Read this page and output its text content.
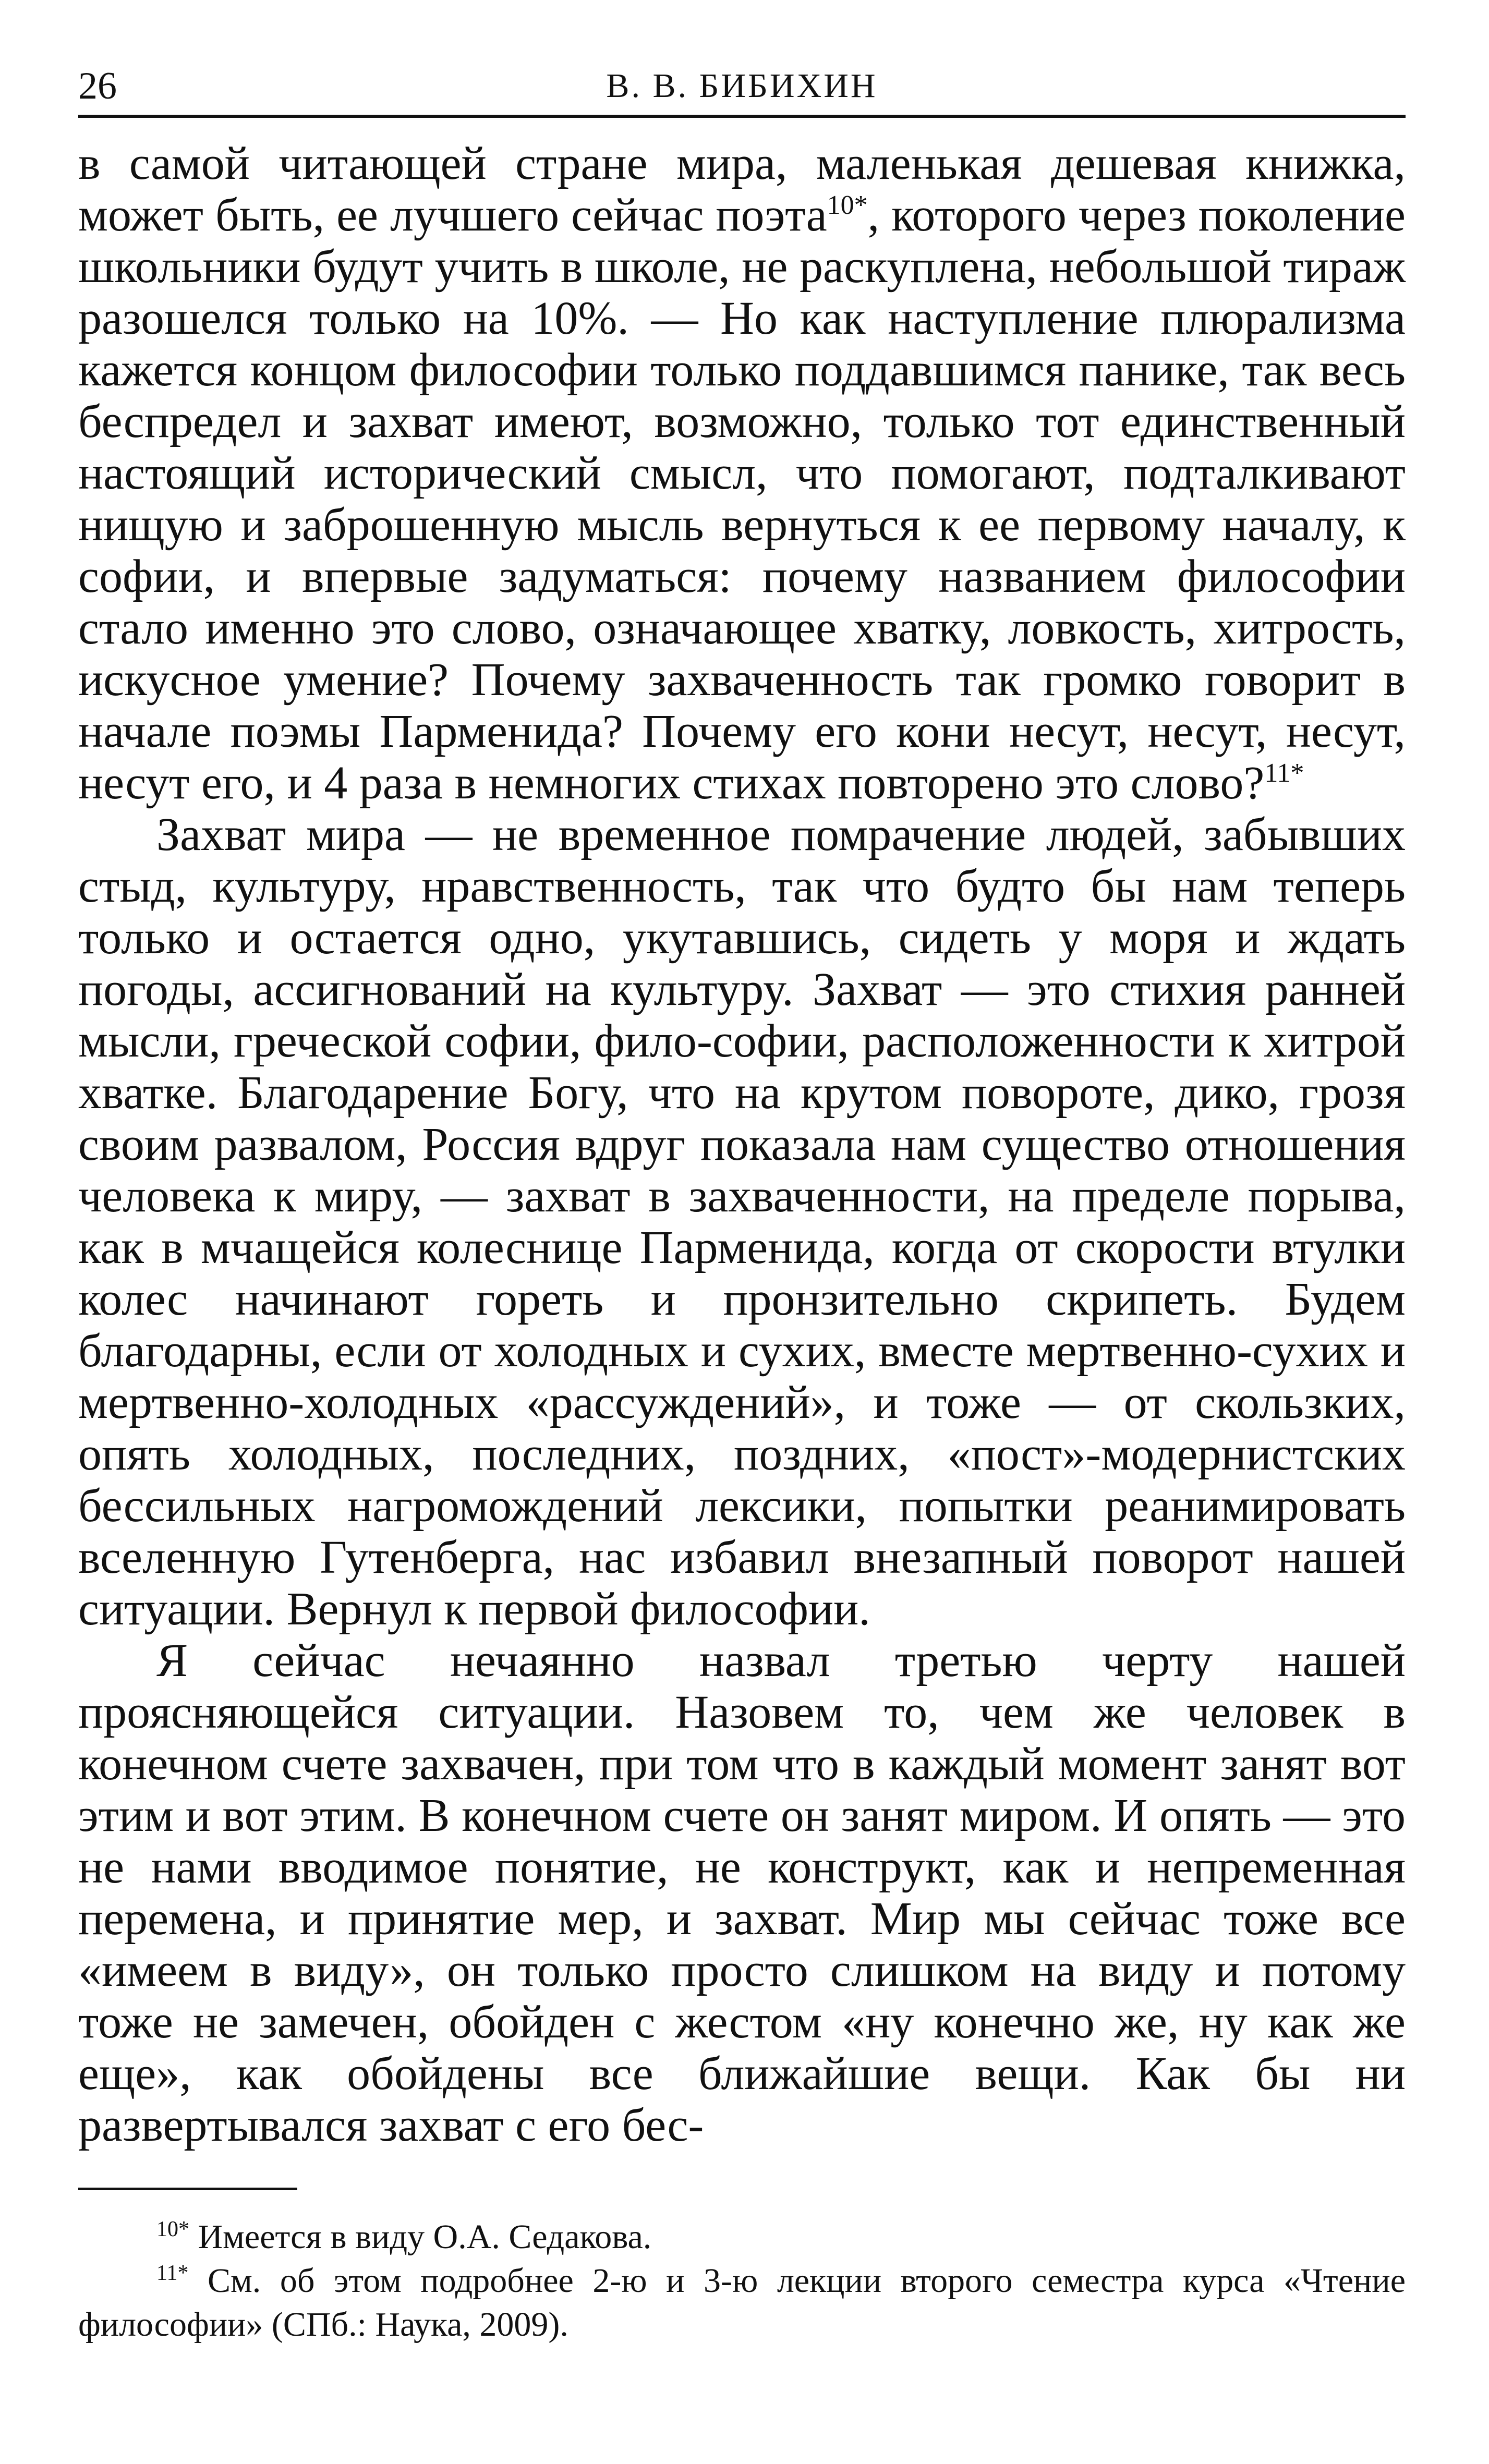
26	В. В. БИБИХИН

в самой читающей стране мира, маленькая дешевая книжка, может быть, ее лучшего сейчас поэта$^{10*}$, которого через поколение школьники будут учить в школе, не раскуплена, небольшой тираж разошелся только на 10%. — Но как наступление плюрализма кажется концом философии только поддавшимся панике, так весь беспредел и захват имеют, возможно, только тот единственный настоящий исторический смысл, что помогают, подталкивают нищую и заброшенную мысль вернуться к ее первому началу, к софии, и впервые задуматься: почему названием философии стало именно это слово, означающее хватку, ловкость, хитрость, искусное умение? Почему захваченность так громко говорит в начале поэмы Парменида? Почему его кони несут, несут, несут, несут его, и 4 раза в немногих стихах повторено это слово?$^{11*}$

Захват мира — не временное помрачение людей, забывших стыд, культуру, нравственность, так что будто бы нам теперь только и остается одно, укутавшись, сидеть у моря и ждать погоды, ассигнований на культуру. Захват — это стихия ранней мысли, греческой софии, фило-софии, расположенности к хитрой хватке. Благодарение Богу, что на крутом повороте, дико, грозя своим развалом, Россия вдруг показала нам существо отношения человека к миру, — захват в захваченности, на пределе порыва, как в мчащейся колеснице Парменида, когда от скорости втулки колес начинают гореть и пронзительно скрипеть. Будем благодарны, если от холодных и сухих, вместе мертвенно-сухих и мертвенно-холодных «рассуждений», и тоже — от скользких, опять холодных, последних, поздних, «пост»-модернистских бессильных нагромождений лексики, попытки реанимировать вселенную Гутенберга, нас избавил внезапный поворот нашей ситуации. Вернул к первой философии.

Я сейчас нечаянно назвал третью черту нашей проясняющейся ситуации. Назовем то, чем же человек в конечном счете захвачен, при том что в каждый момент занят вот этим и вот этим. В конечном счете он занят миром. И опять — это не нами вводимое понятие, не конструкт, как и непременная перемена, и принятие мер, и захват. Мир мы сейчас тоже все «имеем в виду», он только просто слишком на виду и потому тоже не замечен, обойден с жестом «ну конечно же, ну как же еще», как обойдены все ближайшие вещи. Как бы ни развертывался захват с его бес-

$^{10*}$ Имеется в виду О.А. Седакова.

$^{11*}$ См. об этом подробнее 2-ю и 3-ю лекции второго семестра курса «Чтение философии» (СПб.: Наука, 2009).
